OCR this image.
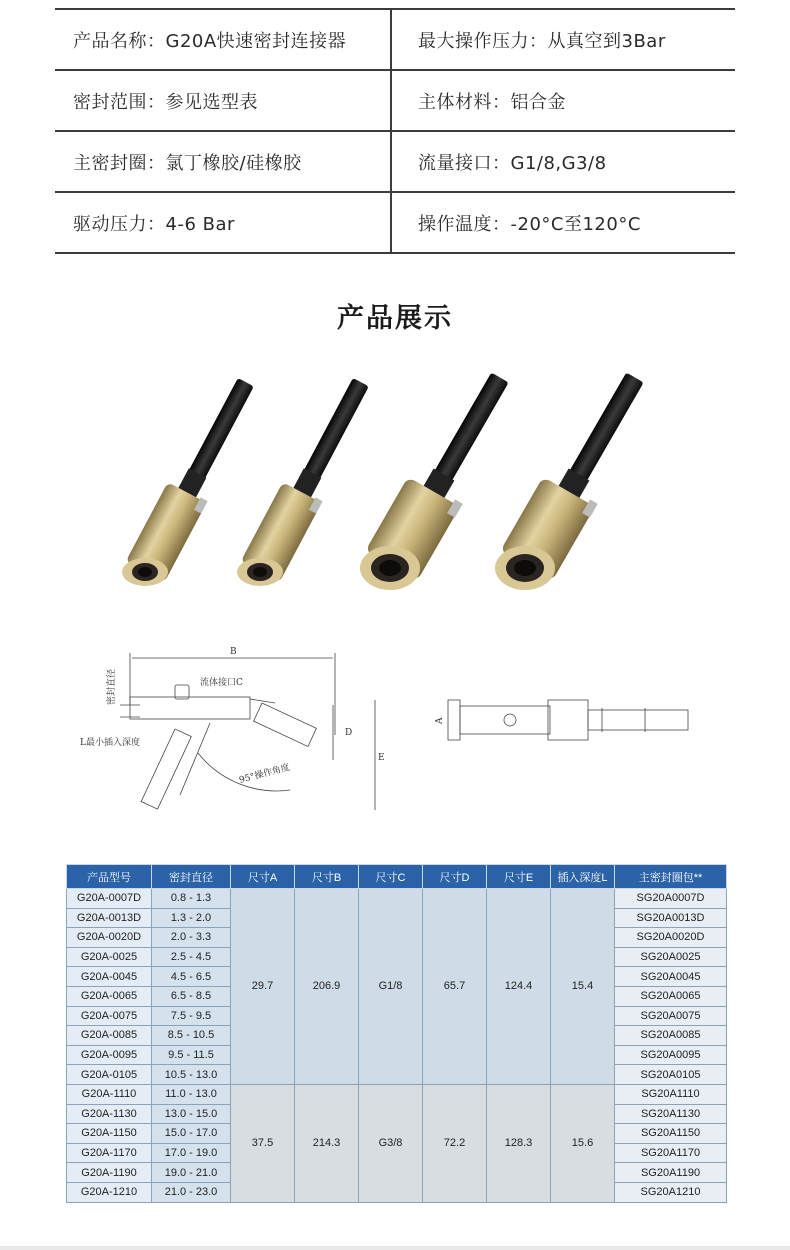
产品名称：G20A快速密封连接器	最大操作压力：从真空到3Bar
密封范围：参见选型表	主体材料：铝合金
主密封圈：氯丁橡胶/硅橡胶	流量接口：G1/8,G3/8
驱动压力：4-6 Bar	操作温度：-20°C至120°C
产品展示
B
流体接口C
密封直径
L最小插入深度
95°操作角度
D
E
A
产品型号	密封直径	尺寸A	尺寸B	尺寸C	尺寸D	尺寸E	插入深度L	主密封圈包**
G20A-0007D	0.8 - 1.3	29.7	206.9	G1/8	65.7	124.4	15.4	SG20A0007D
G20A-0013D	1.3 - 2.0							SG20A0013D
G20A-0020D	2.0 - 3.3							SG20A0020D
G20A-0025	2.5 - 4.5							SG20A0025
G20A-0045	4.5 - 6.5							SG20A0045
G20A-0065	6.5 - 8.5							SG20A0065
G20A-0075	7.5 - 9.5							SG20A0075
G20A-0085	8.5 - 10.5							SG20A0085
G20A-0095	9.5 - 11.5							SG20A0095
G20A-0105	10.5 - 13.0							SG20A0105
G20A-1110	11.0 - 13.0	37.5	214.3	G3/8	72.2	128.3	15.6	SG20A1110
G20A-1130	13.0 - 15.0							SG20A1130
G20A-1150	15.0 - 17.0							SG20A1150
G20A-1170	17.0 - 19.0							SG20A1170
G20A-1190	19.0 - 21.0							SG20A1190
G20A-1210	21.0 - 23.0							SG20A1210
